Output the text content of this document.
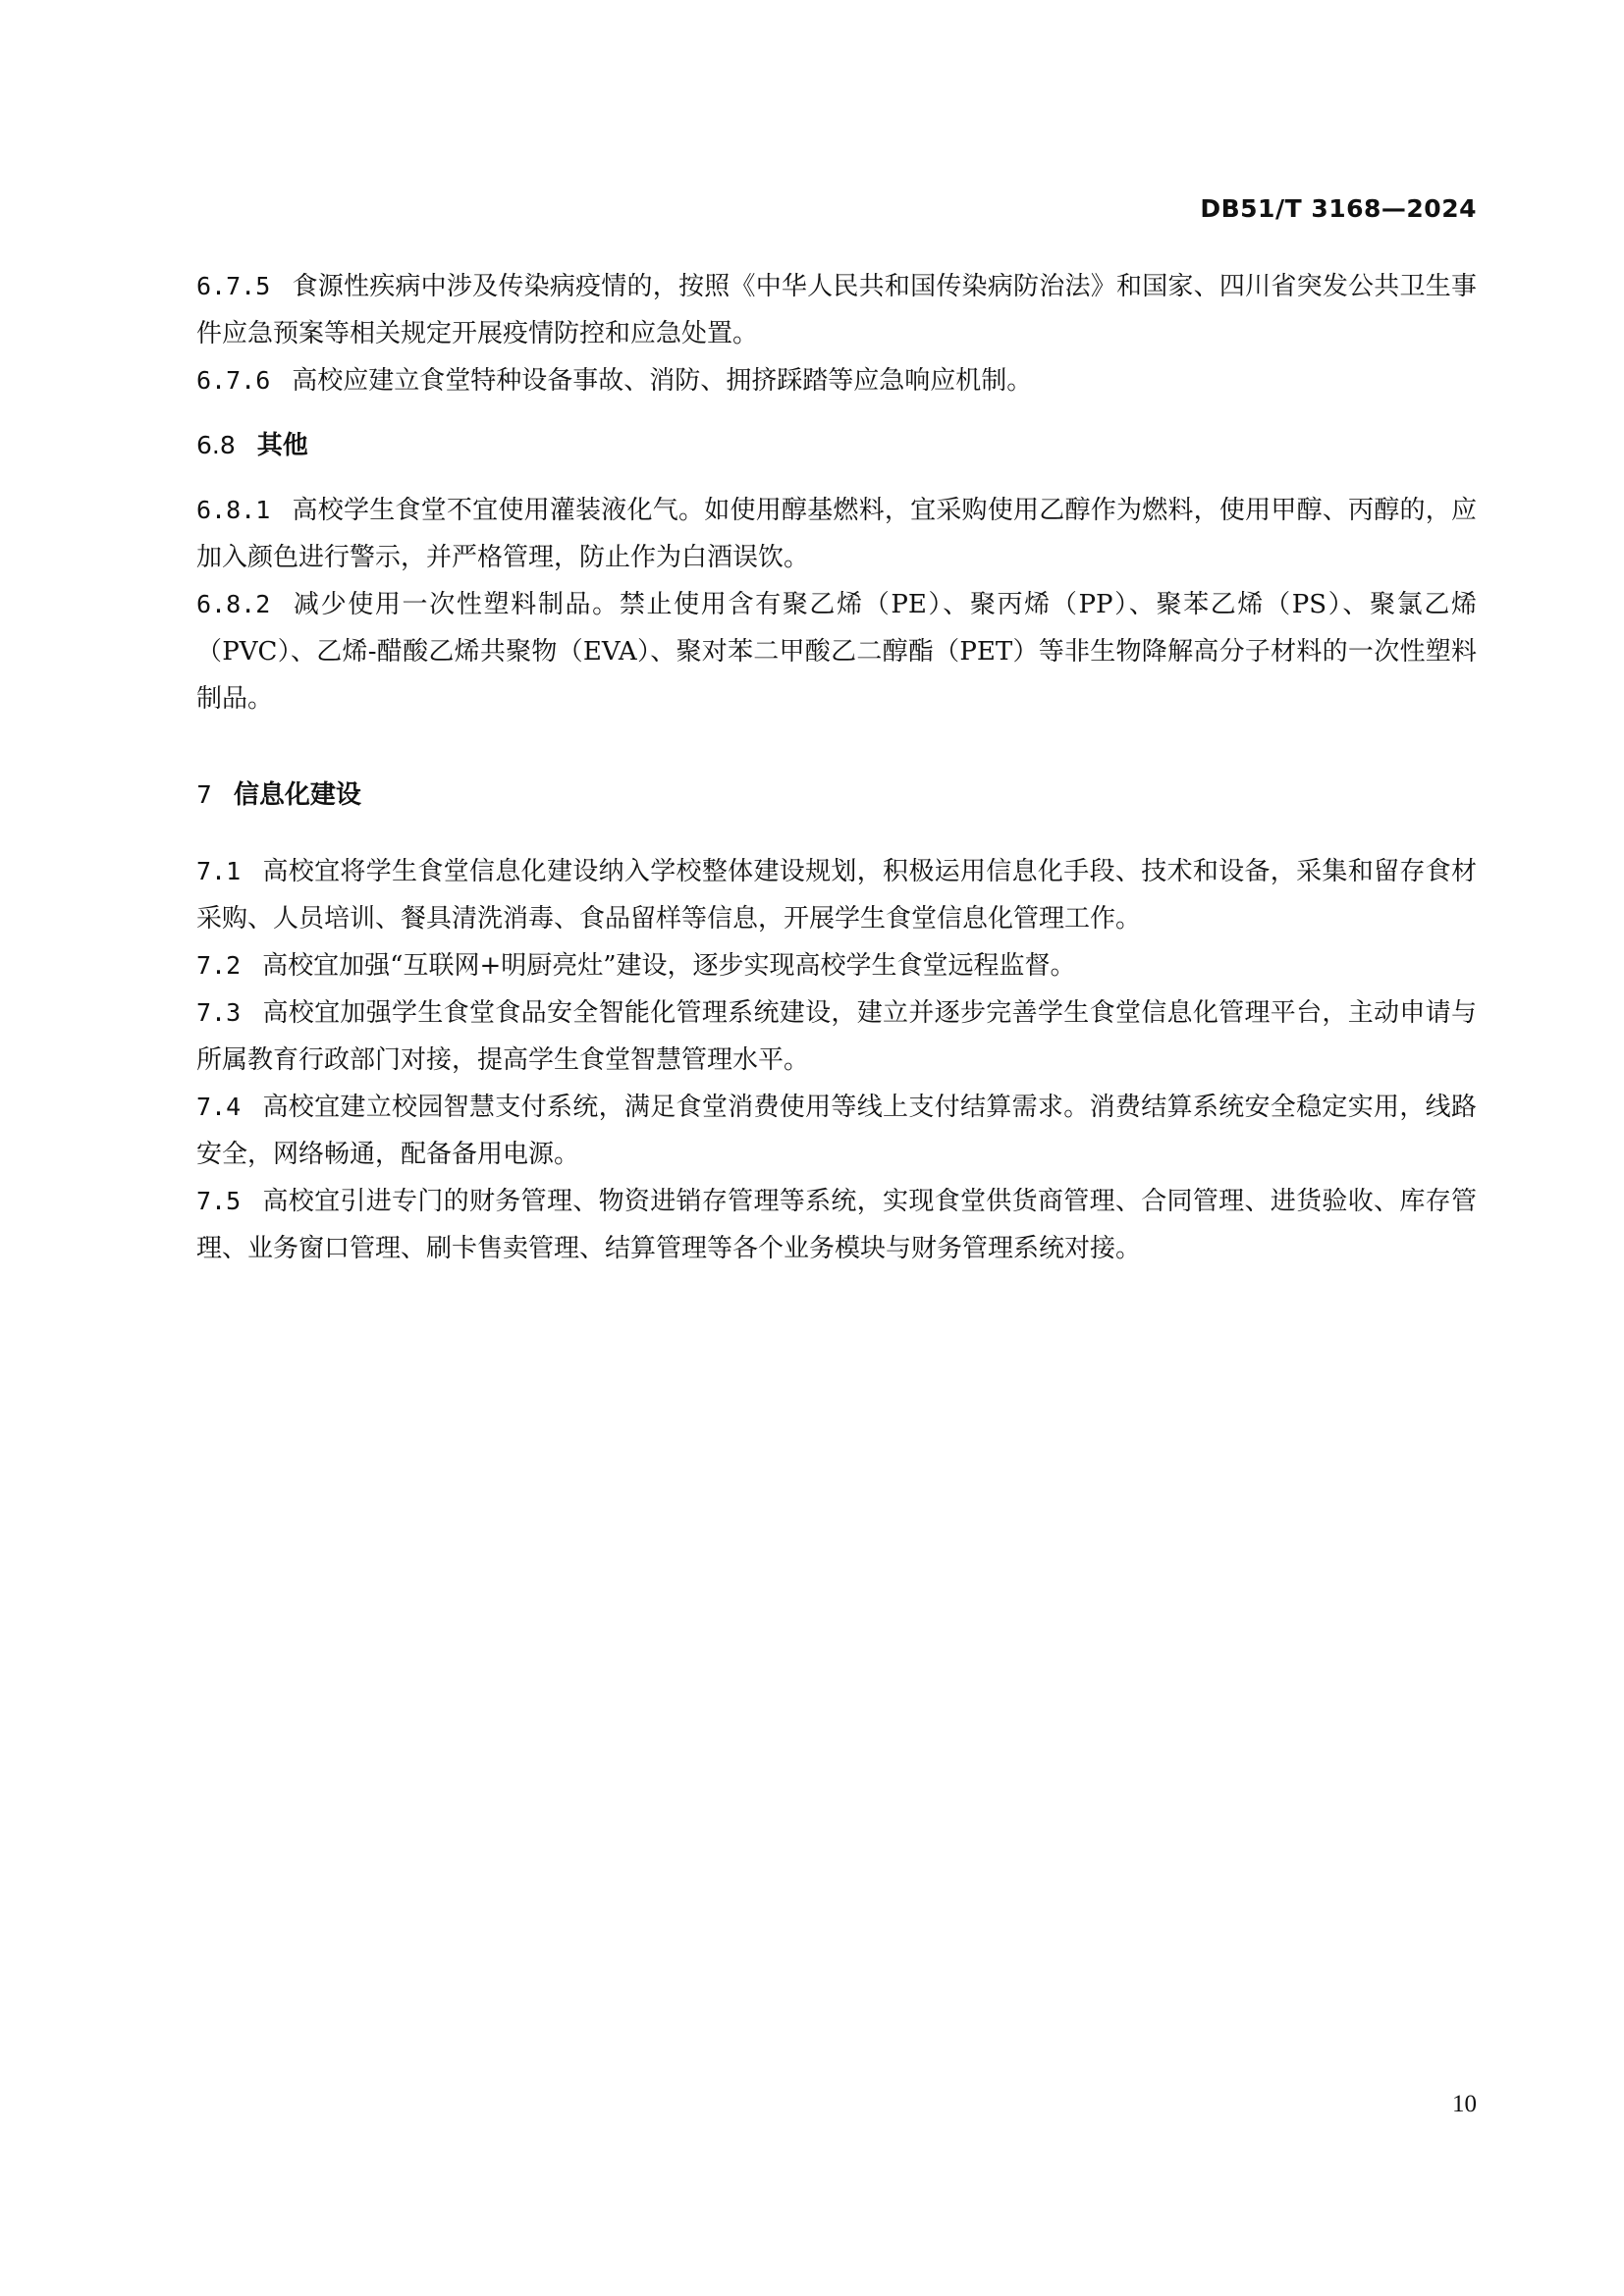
DB51/T 3168—2024

6.7.5 食源性疾病中涉及传染病疫情的，按照《中华人民共和国传染病防治法》和国家、四川省突发公共卫生事件应急预案等相关规定开展疫情防控和应急处置。

6.7.6 高校应建立食堂特种设备事故、消防、拥挤踩踏等应急响应机制。

6.8 其他

6.8.1 高校学生食堂不宜使用灌装液化气。如使用醇基燃料，宜采购使用乙醇作为燃料，使用甲醇、丙醇的，应加入颜色进行警示，并严格管理，防止作为白酒误饮。

6.8.2 减少使用一次性塑料制品。禁止使用含有聚乙烯（PE）、聚丙烯（PP）、聚苯乙烯（PS）、聚氯乙烯（PVC）、乙烯-醋酸乙烯共聚物（EVA）、聚对苯二甲酸乙二醇酯（PET）等非生物降解高分子材料的一次性塑料制品。

7 信息化建设

7.1 高校宜将学生食堂信息化建设纳入学校整体建设规划，积极运用信息化手段、技术和设备，采集和留存食材采购、人员培训、餐具清洗消毒、食品留样等信息，开展学生食堂信息化管理工作。

7.2 高校宜加强“互联网+明厨亮灶”建设，逐步实现高校学生食堂远程监督。

7.3 高校宜加强学生食堂食品安全智能化管理系统建设，建立并逐步完善学生食堂信息化管理平台，主动申请与所属教育行政部门对接，提高学生食堂智慧管理水平。

7.4 高校宜建立校园智慧支付系统，满足食堂消费使用等线上支付结算需求。消费结算系统安全稳定实用，线路安全，网络畅通，配备备用电源。

7.5 高校宜引进专门的财务管理、物资进销存管理等系统，实现食堂供货商管理、合同管理、进货验收、库存管理、业务窗口管理、刷卡售卖管理、结算管理等各个业务模块与财务管理系统对接。

10
